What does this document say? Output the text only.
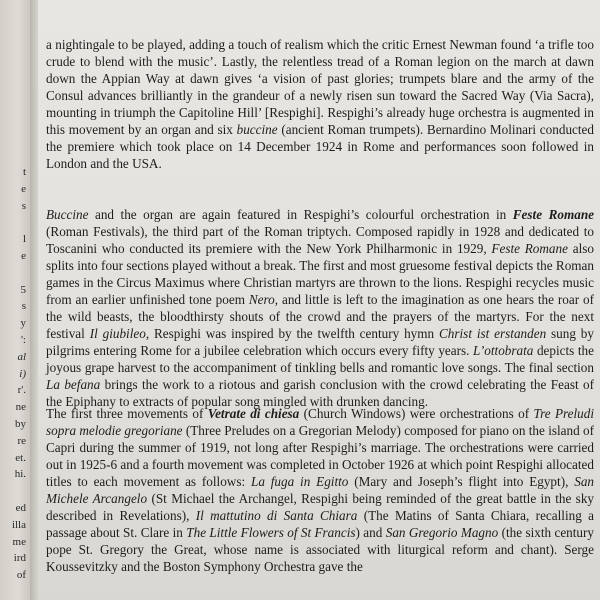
t
e
s
l
e
5
s
y
':
al
i)
r'.
ne
by
re
et.
hi.
ed
illa
me
ird
of

a nightingale to be played, adding a touch of realism which the critic Ernest Newman found ‘a trifle too crude to blend with the music’. Lastly, the relentless tread of a Roman legion on the march at dawn down the Appian Way at dawn gives ‘a vision of past glories; trumpets blare and the army of the Consul advances brilliantly in the grandeur of a newly risen sun toward the Sacred Way (Via Sacra), mounting in triumph the Capitoline Hill’ [Respighi]. Respighi’s already huge orchestra is augmented in this movement by an organ and six buccine (ancient Roman trumpets). Bernardino Molinari conducted the premiere which took place on 14 December 1924 in Rome and performances soon followed in London and the USA.

Buccine and the organ are again featured in Respighi’s colourful orchestration in Feste Romane (Roman Festivals), the third part of the Roman triptych. Composed rapidly in 1928 and dedicated to Toscanini who conducted its premiere with the New York Philharmonic in 1929, Feste Romane also splits into four sections played without a break. The first and most gruesome festival depicts the Roman games in the Circus Maximus where Christian martyrs are thrown to the lions. Respighi recycles music from an earlier unfinished tone poem Nero, and little is left to the imagination as one hears the roar of the wild beasts, the bloodthirsty shouts of the crowd and the prayers of the martyrs. For the next festival Il giubileo, Respighi was inspired by the twelfth century hymn Christ ist erstanden sung by pilgrims entering Rome for a jubilee celebration which occurs every fifty years. L’ottobrata depicts the joyous grape harvest to the accompaniment of tinkling bells and romantic love songs. The final section La befana brings the work to a riotous and garish conclusion with the crowd celebrating the Feast of the Epiphany to extracts of popular song mingled with drunken dancing.

The first three movements of Vetrate di chiesa (Church Windows) were orchestrations of Tre Preludi sopra melodie gregoriane (Three Preludes on a Gregorian Melody) composed for piano on the island of Capri during the summer of 1919, not long after Respighi’s marriage. The orchestrations were carried out in 1925-6 and a fourth movement was completed in October 1926 at which point Respighi allocated titles to each movement as follows: La fuga in Egitto (Mary and Joseph’s flight into Egypt), San Michele Arcangelo (St Michael the Archangel, Respighi being reminded of the great battle in the sky described in Revelations), Il mattutino di Santa Chiara (The Matins of Santa Chiara, recalling a passage about St. Clare in The Little Flowers of St Francis) and San Gregorio Magno (the sixth century pope St. Gregory the Great, whose name is associated with liturgical reform and chant). Serge Koussevitzky and the Boston Symphony Orchestra gave the
